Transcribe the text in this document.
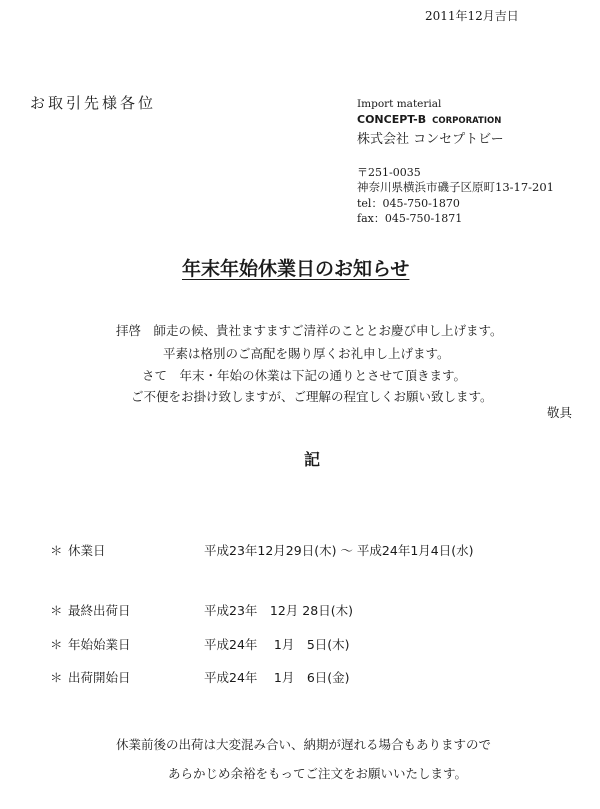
2011年12月吉日
お取引先様各位	Import material
CONCEPT-B CORPORATION
株式会社 コンセプトビー
〒251-0035
神奈川県横浜市磯子区原町13-17-201
tel：045-750-1870
fax：045-750-1871
年末年始休業日のお知らせ
拝啓　師走の候、貴社ますますご清祥のこととお慶び申し上げます。
平素は格別のご高配を賜り厚くお礼申し上げます。
さて　年末・年始の休業は下記の通りとさせて頂きます。
ご不便をお掛け致しますが、ご理解の程宜しくお願い致します。
敬具
記
＊ 休業日	平成23年12月29日(木) ～ 平成24年1月4日(水)
＊ 最終出荷日	平成23年　12月 28日(木)
＊ 年始始業日	平成24年　 1月　5日(木)
＊ 出荷開始日	平成24年　 1月　6日(金)
休業前後の出荷は大変混み合い、納期が遅れる場合もありますので
あらかじめ余裕をもってご注文をお願いいたします。
